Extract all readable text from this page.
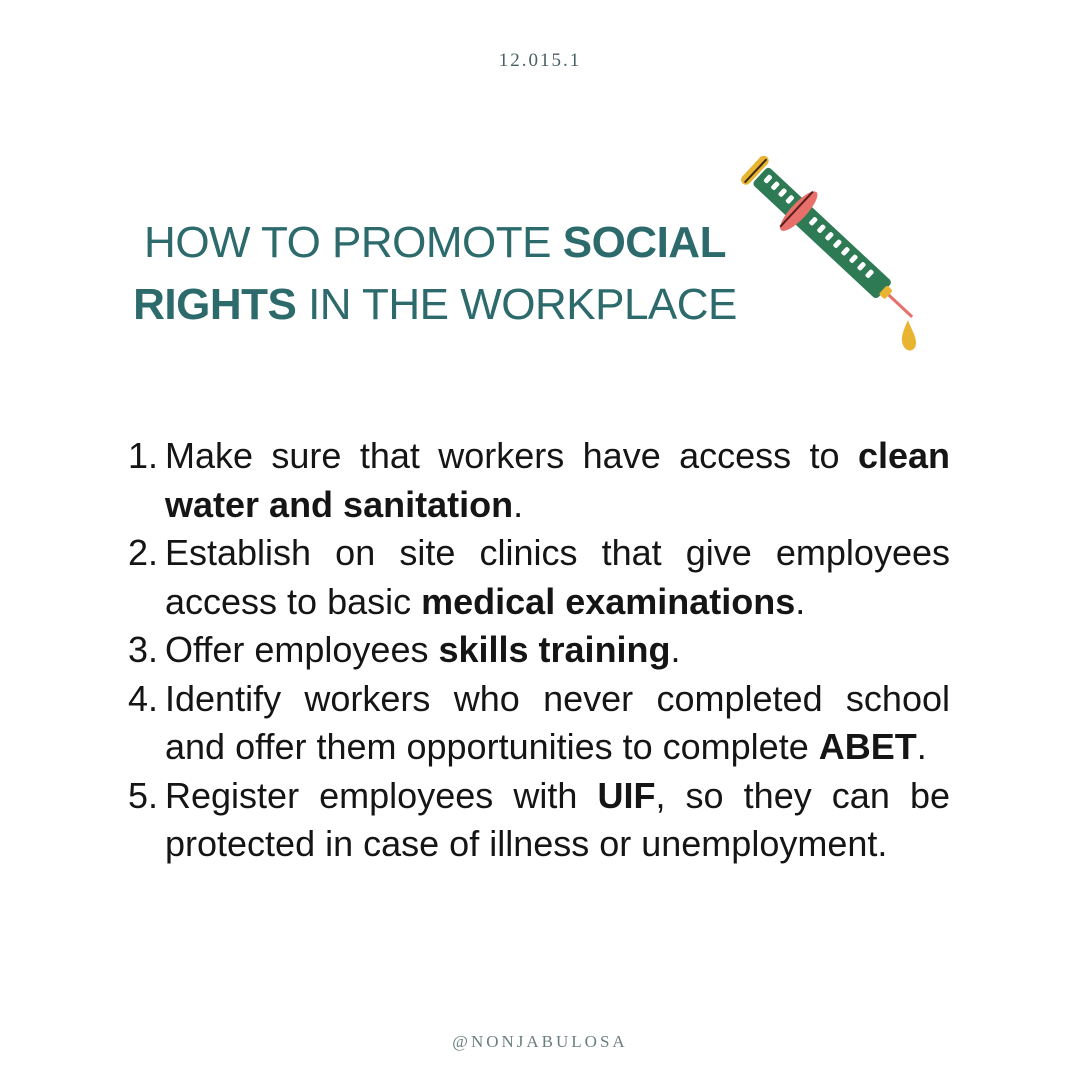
12.015.1
HOW TO PROMOTE SOCIAL
RIGHTS IN THE WORKPLACE
1. Make sure that workers have access to clean water and sanitation.
2. Establish on site clinics that give employees access to basic medical examinations.
3. Offer employees skills training.
4. Identify workers who never completed school and offer them opportunities to complete ABET.
5. Register employees with UIF, so they can be protected in case of illness or unemployment.
@NONJABULOSA
